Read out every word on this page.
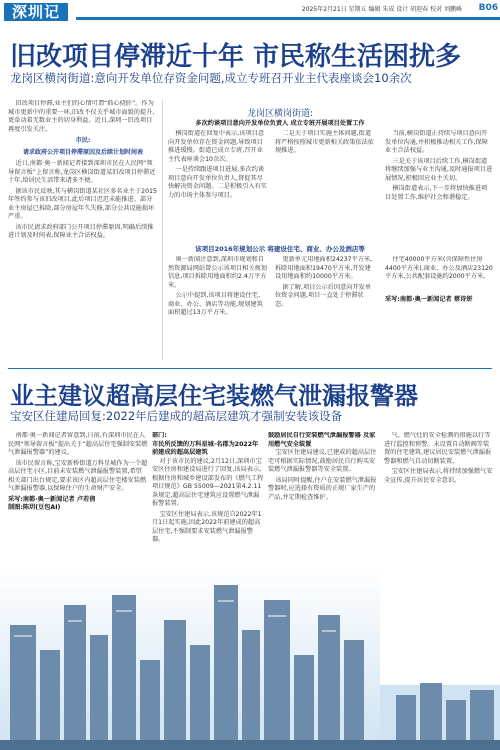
深圳记	2025年2月21日 星期五 编辑 朱成 设计 胡迎春 校对 刘鹏峰 B06
旧改项目停滞近十年 市民称生活困扰多
龙岗区横岗街道:意向开发单位存资金问题,成立专班召开业主代表座谈会10余次

旧改项目停滞,业主们的心情可谓“抓心挠肝”。作为城市更新中的重要一环,旧改不仅关乎城市面貌的提升,更牵动着无数业主的切身利益。近日,深圳一旧改项目再度引发关注。

市民:
请求政府公开项目停滞原因及后续计划时间表

近日,南都·奥一新闻记者接到深圳市民在人民网“领导留言板”上留言称,龙岗区横岗街道某旧改项目停滞近十年,给居民生活带来诸多不便。

据该市民反映,其与横岗街道某社区多名业主于2015年签约参与该旧改项目,此后项目迟迟未能推进。部分业主房屋已拆除,部分房屋年久失修,部分公共设施损坏严重。

该市民请求政府部门公开项目停滞原因,明确后续推进计划及时间表,保障业主合法权益。

龙岗区横岗街道:
多次约谈项目意向开发单位负责人 成立专班开展项目处置工作

横岗街道在回复中表示,该项目意向开发单位存在资金问题,导致项目推进缓慢。街道已成立专班,召开业主代表座谈会10余次。

一是持续跟进项目进展,多次约谈项目意向开发单位负责人,督促其尽快解决资金问题。二是积极引入有实力的市场主体参与项目。

二是关于项目实施主体问题,街道将严格按照城市更新相关政策依法依规推进。

当前,横岗街道正持续与项目意向开发单位沟通,并积极推动相关工作,保障业主合法权益。

三是关于该项目后续工作,横岗街道将继续加强与业主沟通,及时通报项目进展情况,积极回应业主关切。

横岗街道表示,下一步将加快推进项目处置工作,维护社会和谐稳定。

该项目2016年规划公示 将建设住宅、商业、办公及酒店等

奥一新闻注意到,深圳市规划和自然资源局网站曾公示该项目相关规划信息,项目拆除用地面积约2.4万平方米。

公示中提到,该项目将建设住宅、商业、办公、酒店等功能,规划建筑面积超过13万平方米。

更新单元用地面积24237平方米,拆除用地面积19470平方米,开发建设用地面积约10000平方米。

据了解,项目公示后因意向开发单位资金问题,项目一直处于停滞状态。

住宅40000平方米(含保障性住房4400平方米),商业、办公及酒店23120平方米,公共配套设施约2000平方米。

采写:南都·奥一新闻记者 蔡诗妍

业主建议超高层住宅装燃气泄漏报警器
宝安区住建局回复:2022年后建成的超高层建筑才强制安装该设备

南都·奥一新闻记者留意到,日前,有深圳市民在人民网“领导留言板”提出关于“超高层住宅强制安装燃气泄漏报警器”的建议。

该市民留言称,宝安新桥街道万科星城作为一个超高层住宅小区,目前未安装燃气泄漏报警装置,希望相关部门出台规定,要求该区内超高层住宅楼安装燃气泄漏报警器,以保障住户的生命财产安全。

采写:南都·奥一新闻记者 卢若倩
制图:陈玥(豆包AI)

部门:
市民所反馈的万科星城·名郡为2022年前建成的超高层建筑

对于该市民的建议,2月12日,深圳市宝安区住房和建设局进行了回复,该局表示,根据住房和城乡建设部发布的《燃气工程项目规范》GB 55009—2021第4.2.11条规定,超高层住宅建筑应设置燃气泄漏报警装置。

宝安区住建局表示,该规范自2022年1月1日起实施,因此2022年前建成的超高层住宅,不强制要求安装燃气泄漏报警器。

鼓励居民自行安装燃气泄漏报警器 及家用燃气安全装置

宝安区住建局建议,已建成的超高层住宅可根据实际情况,鼓励居民自行购买安装燃气泄漏报警器等安全装置。

该局同时提醒,住户在安装燃气泄漏报警器时,应选择有资质的正规厂家生产的产品,并定期检查维护。

气、燃气灶的安全检测的措施以行等进行监控和预警。未设置自动断阀等装置的住宅建筑,建议居民安装燃气泄漏报警器和燃气自动切断装置。

宝安区住建局表示,将持续加强燃气安全宣传,提升居民安全意识。
